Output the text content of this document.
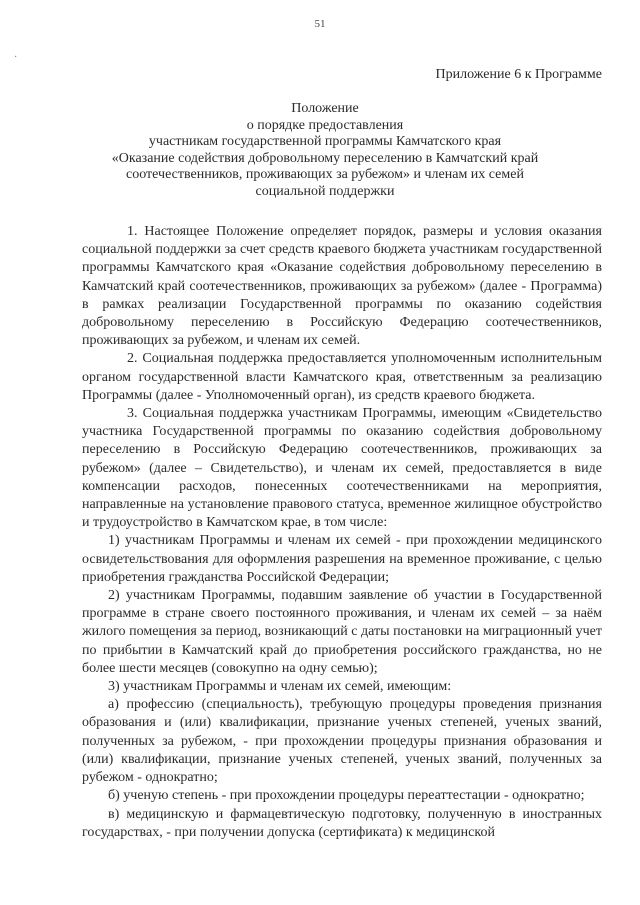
51
·
Приложение 6 к Программе
Положение
о порядке предоставления
участникам государственной программы Камчатского края
«Оказание содействия добровольному переселению в Камчатский край
соотечественников, проживающих за рубежом» и членам их семей
социальной поддержки

1. Настоящее Положение определяет порядок, размеры и условия оказания социальной поддержки за счет средств краевого бюджета участникам государственной программы Камчатского края «Оказание содействия добровольному переселению в Камчатский край соотечественников, проживающих за рубежом» (далее - Программа) в рамках реализации Государственной программы по оказанию содействия добровольному переселению в Российскую Федерацию соотечественников, проживающих за рубежом, и членам их семей.

2. Социальная поддержка предоставляется уполномоченным исполнительным органом государственной власти Камчатского края, ответственным за реализацию Программы (далее - Уполномоченный орган), из средств краевого бюджета.

3. Социальная поддержка участникам Программы, имеющим «Свидетельство участника Государственной программы по оказанию содействия добровольному переселению в Российскую Федерацию соотечественников, проживающих за рубежом» (далее – Свидетельство), и членам их семей, предоставляется в виде компенсации расходов, понесенных соотечественниками на мероприятия, направленные на установление правового статуса, временное жилищное обустройство и трудоустройство в Камчатском крае, в том числе:

1) участникам Программы и членам их семей - при прохождении медицинского освидетельствования для оформления разрешения на временное проживание, с целью приобретения гражданства Российской Федерации;

2) участникам Программы, подавшим заявление об участии в Государственной программе в стране своего постоянного проживания, и членам их семей – за наём жилого помещения за период, возникающий с даты постановки на миграционный учет по прибытии в Камчатский край до приобретения российского гражданства, но не более шести месяцев (совокупно на одну семью);

3) участникам Программы и членам их семей, имеющим:

а) профессию (специальность), требующую процедуры проведения признания образования и (или) квалификации, признание ученых степеней, ученых званий, полученных за рубежом, - при прохождении процедуры признания образования и (или) квалификации, признание ученых степеней, ученых званий, полученных за рубежом - однократно;

б) ученую степень - при прохождении процедуры переаттестации - однократно;

в) медицинскую и фармацевтическую подготовку, полученную в иностранных государствах, - при получении допуска (сертификата) к медицинской
